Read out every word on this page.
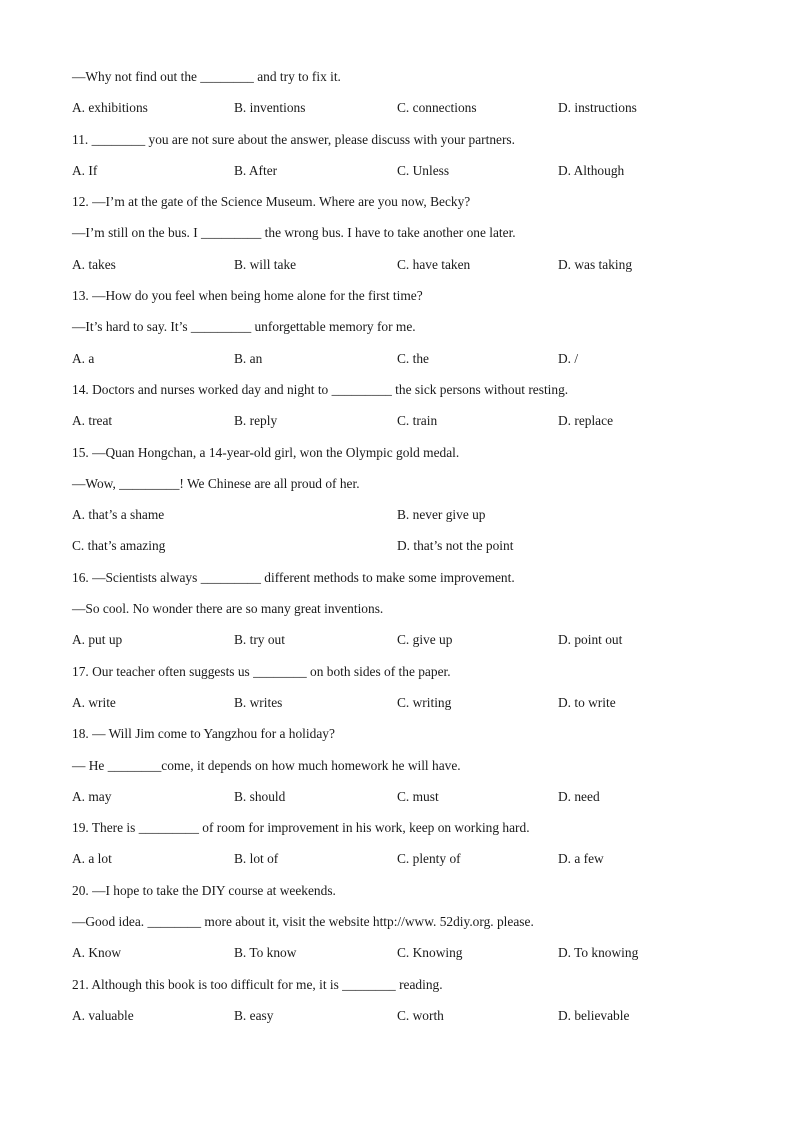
—Why not find out the ________ and try to fix it.
A. exhibitions	B. inventions	C. connections	D. instructions
11. ________ you are not sure about the answer, please discuss with your partners.
A. If	B. After	C. Unless	D. Although
12. —I’m at the gate of the Science Museum. Where are you now, Becky?
—I’m still on the bus. I _________ the wrong bus. I have to take another one later.
A. takes	B. will take	C. have taken	D. was taking
13. —How do you feel when being home alone for the first time?
—It’s hard to say. It’s _________ unforgettable memory for me.
A. a	B. an	C. the	D. /
14. Doctors and nurses worked day and night to _________ the sick persons without resting.
A. treat	B. reply	C. train	D. replace
15. —Quan Hongchan, a 14-year-old girl, won the Olympic gold medal.
—Wow, _________! We Chinese are all proud of her.
A. that’s a shame	B. never give up
C. that’s amazing	D. that’s not the point
16. —Scientists always _________ different methods to make some improvement.
—So cool. No wonder there are so many great inventions.
A. put up	B. try out	C. give up	D. point out
17. Our teacher often suggests us ________ on both sides of the paper.
A. write	B. writes	C. writing	D. to write
18. — Will Jim come to Yangzhou for a holiday?
— He ________come, it depends on how much homework he will have.
A. may	B. should	C. must	D. need
19. There is _________ of room for improvement in his work, keep on working hard.
A. a lot	B. lot of	C. plenty of	D. a few
20. —I hope to take the DIY course at weekends.
—Good idea. ________ more about it, visit the website http://www. 52diy.org. please.
A. Know	B. To know	C. Knowing	D. To knowing
21. Although this book is too difficult for me, it is ________ reading.
A. valuable	B. easy	C. worth	D. believable
